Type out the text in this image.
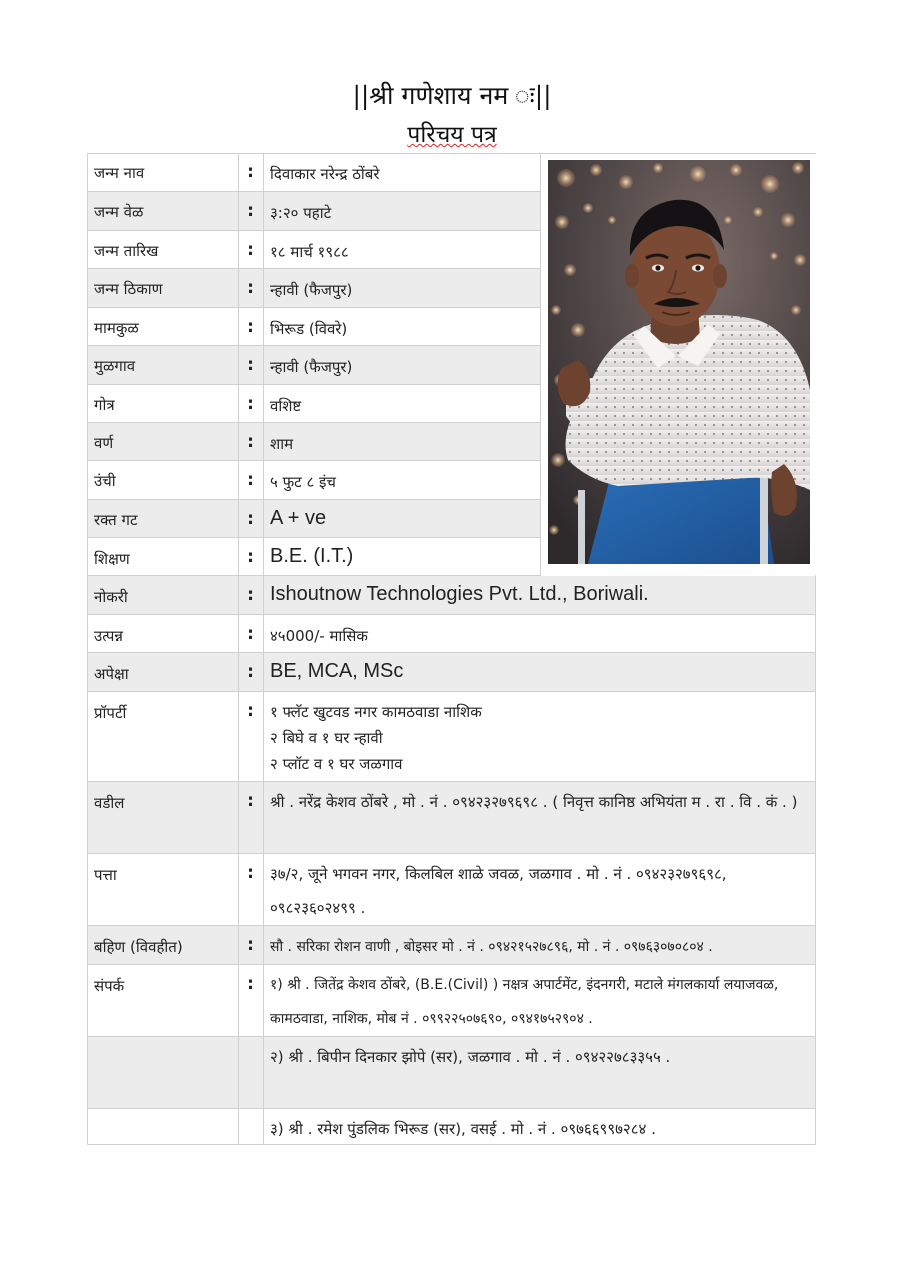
||श्री गणेशाय नम ः||
परिचय पत्र
जन्म नाव	:	दिवाकार नरेन्द्र ठोंबरे
जन्म वेळ	:	३:२० पहाटे
जन्म तारिख	:	१८ मार्च १९८८
जन्म ठिकाण	:	न्हावी (फैजपुर)
मामकुळ	:	भिरूड (विवरे)
मुळगाव	:	न्हावी (फैजपुर)
गोत्र	:	वशिष्ट
वर्ण	:	शाम
उंची	:	५ फुट ८ इंच
रक्त गट	: A + ve
शिक्षण	: B.E. (I.T.)
नोकरी	: Ishoutnow Technologies Pvt. Ltd., Boriwali.
उत्पन्न	:	४५000/- मासिक
अपेक्षा	: BE, MCA, MSc
प्रॉपर्टी	:	१ फ्लॅट खुटवड नगर कामठवाडा नाशिक
२ बिघे व १ घर न्हावी
२ प्लॉट व १ घर जळगाव
वडील	:	श्री . नरेंद्र केशव ठोंबरे , मो . नं . ०९४२३२७९६९८ . ( निवृत्त कानिष्ठ अभियंता म . रा . वि . कं . )
पत्ता	:	३७/२, जूने भगवन नगर, किलबिल शाळे जवळ, जळगाव . मो . नं . ०९४२३२७९६९८, ०९८२३६०२४९९ .
बहिण (विवहीत)	:	सौ . सरिका रोशन वाणी , बोइसर मो . नं . ०९४२१५२७८९६, मो . नं . ०९७६३०७०८०४ .
संपर्क	:	१) श्री . जितेंद्र केशव ठोंबरे, (B.E.(Civil) ) नक्षत्र अपार्टमेंट, इंदनगरी, मटाले मंगलकार्या लयाजवळ, कामठवाडा, नाशिक, मोब नं . ०९९२२५०७६९०, ०९४१७५२९०४ .
२) श्री . बिपीन दिनकार झोपे (सर), जळगाव . मो . नं . ०९४२२७८३३५५ .
३) श्री . रमेश पुंडलिक भिरूड (सर), वसई . मो . नं . ०९७६६९९७२८४ .
